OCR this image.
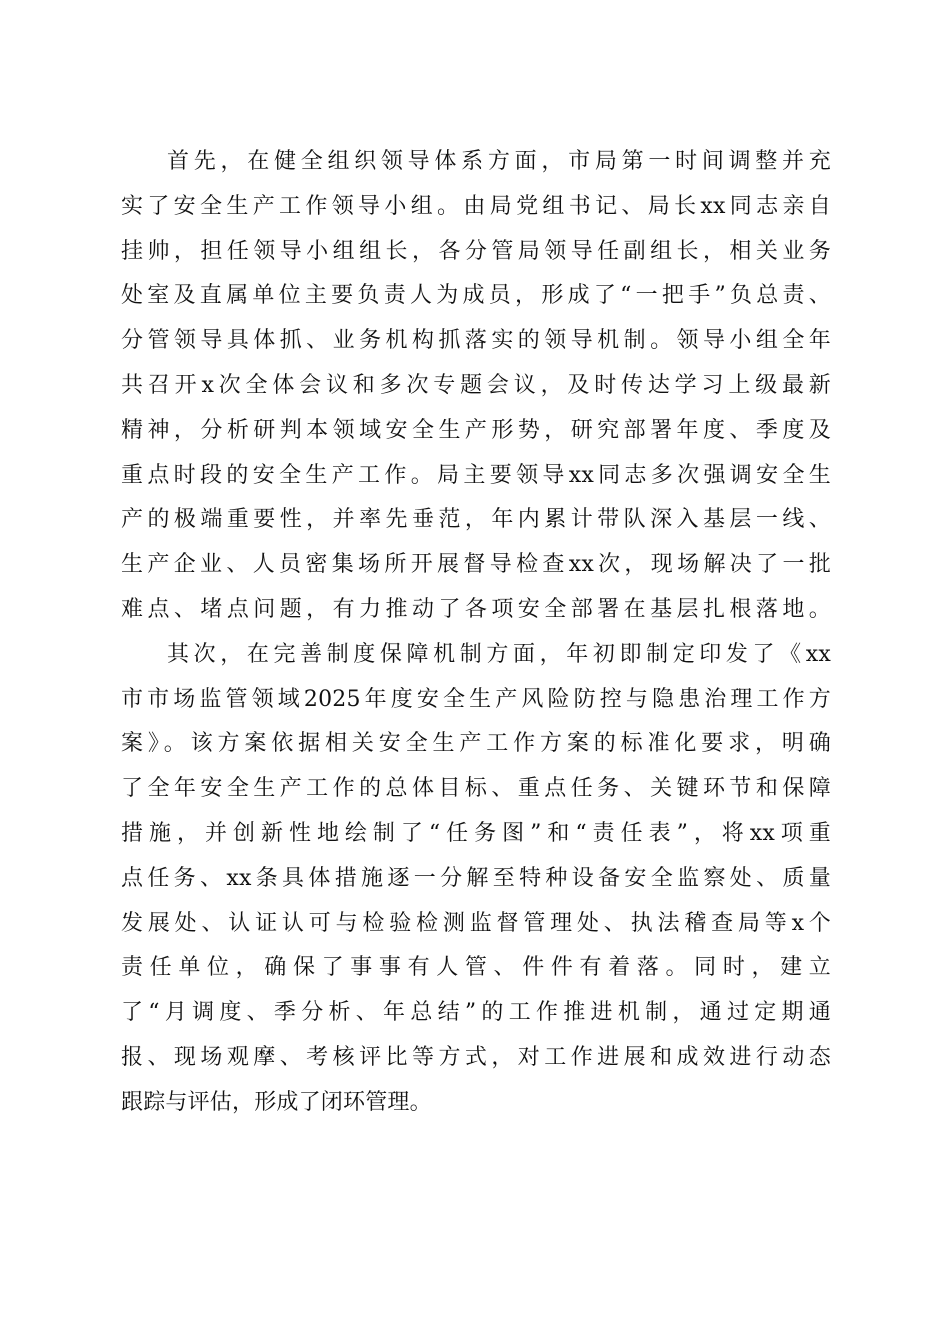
首先，在健全组织领导体系方面，市局第一时间调整并充
实了安全生产工作领导小组。由局党组书记、局长xx同志亲自
挂帅，担任领导小组组长，各分管局领导任副组长，相关业务
处室及直属单位主要负责人为成员，形成了“一把手”负总责、
分管领导具体抓、业务机构抓落实的领导机制。领导小组全年
共召开x次全体会议和多次专题会议，及时传达学习上级最新
精神，分析研判本领域安全生产形势，研究部署年度、季度及
重点时段的安全生产工作。局主要领导xx同志多次强调安全生
产的极端重要性，并率先垂范，年内累计带队深入基层一线、
生产企业、人员密集场所开展督导检查xx次，现场解决了一批
难点、堵点问题，有力推动了各项安全部署在基层扎根落地。
其次，在完善制度保障机制方面，年初即制定印发了《xx
市市场监管领域2025年度安全生产风险防控与隐患治理工作方
案》。该方案依据相关安全生产工作方案的标准化要求，明确
了全年安全生产工作的总体目标、重点任务、关键环节和保障
措施，并创新性地绘制了“任务图”和“责任表”，将xx项重
点任务、xx条具体措施逐一分解至特种设备安全监察处、质量
发展处、认证认可与检验检测监督管理处、执法稽查局等x个
责任单位，确保了事事有人管、件件有着落。同时，建立
了“月调度、季分析、年总结”的工作推进机制，通过定期通
报、现场观摩、考核评比等方式，对工作进展和成效进行动态
跟踪与评估，形成了闭环管理。
